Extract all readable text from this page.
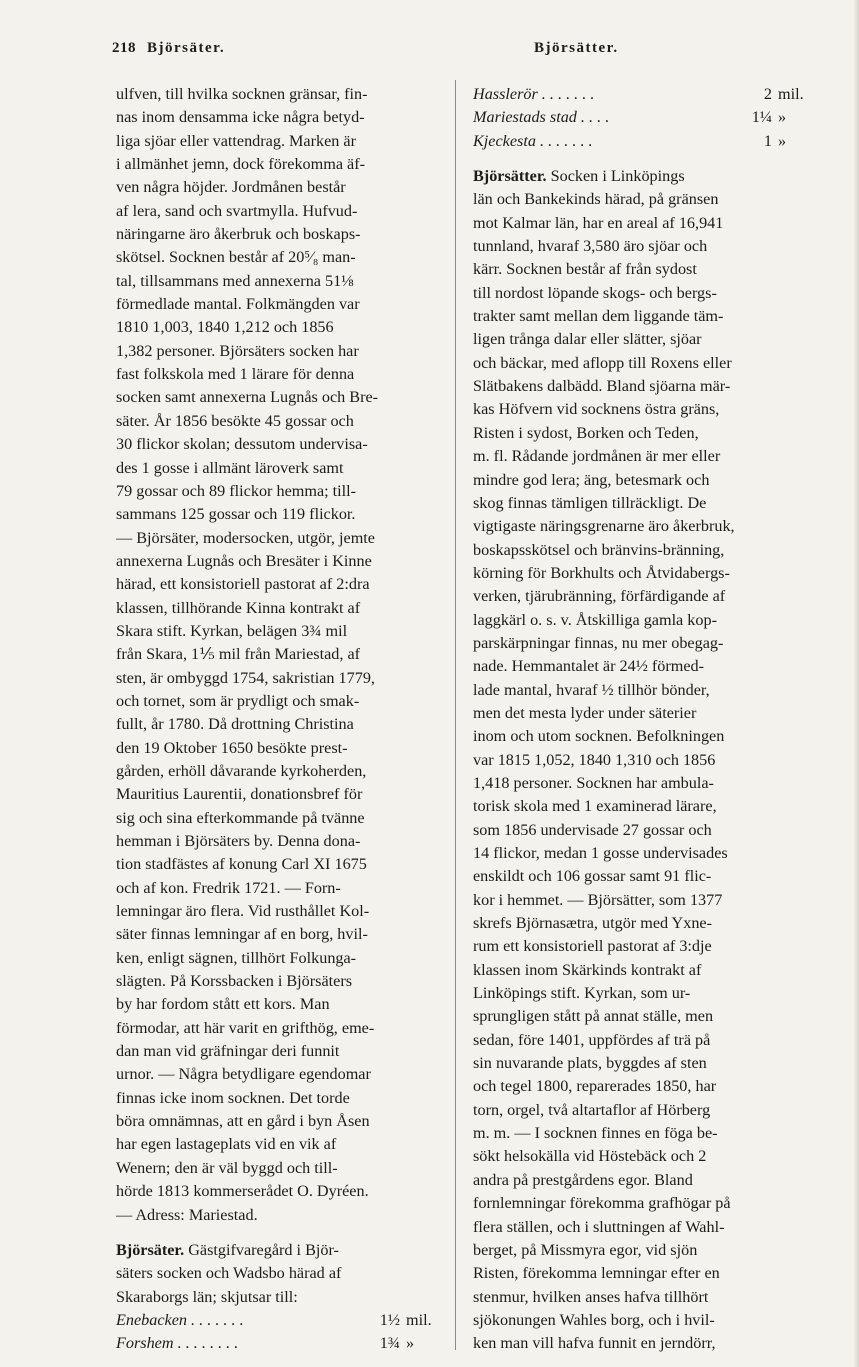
218 Björsäter.	Björsätter.
ulfven, till hvilka socknen gränsar, fin-
nas inom densamma icke några betyd-
liga sjöar eller vattendrag. Marken är
i allmänhet jemn, dock förekomma äf-
ven några höjder. Jordmånen består
af lera, sand och svartmylla. Hufvud-
näringarne äro åkerbruk och boskaps-
skötsel. Socknen består af 20⁵⁄₈ man-
tal, tillsammans med annexerna 51⅛
förmedlade mantal. Folkmängden var
1810 1,003, 1840 1,212 och 1856
1,382 personer. Björsäters socken har
fast folkskola med 1 lärare för denna
socken samt annexerna Lugnås och Bre-
säter. År 1856 besökte 45 gossar och
30 flickor skolan; dessutom undervisa-
des 1 gosse i allmänt läroverk samt
79 gossar och 89 flickor hemma; till-
sammans 125 gossar och 119 flickor.
— Björsäter, modersocken, utgör, jemte
annexerna Lugnås och Bresäter i Kinne
härad, ett konsistoriell pastorat af 2:dra
klassen, tillhörande Kinna kontrakt af
Skara stift. Kyrkan, belägen 3¾ mil
från Skara, 1⅕ mil från Mariestad, af
sten, är ombyggd 1754, sakristian 1779,
och tornet, som är prydligt och smak-
fullt, år 1780. Då drottning Christina
den 19 Oktober 1650 besökte prest-
gården, erhöll dåvarande kyrkoherden,
Mauritius Laurentii, donationsbref för
sig och sina efterkommande på tvänne
hemman i Björsäters by. Denna dona-
tion stadfästes af konung Carl XI 1675
och af kon. Fredrik 1721. — Forn-
lemningar äro flera. Vid rusthållet Kol-
säter finnas lemningar af en borg, hvil-
ken, enligt sägnen, tillhört Folkunga-
slägten. På Korssbacken i Björsäters
by har fordom stått ett kors. Man
förmodar, att här varit en grifthög, eme-
dan man vid gräfningar deri funnit
urnor. — Några betydligare egendomar
finnas icke inom socknen. Det torde
böra omnämnas, att en gård i byn Åsen
har egen lastageplats vid en vik af
Wenern; den är väl byggd och till-
hörde 1813 kommerserådet O. Dyréen.
— Adress: Mariestad.
Björsäter. Gästgifvaregård i Björ-
säters socken och Wadsbo härad af
Skaraborgs län; skjutsar till:
Enebacken . . . . . . .	1½ mil.
Forshem . . . . . . . .	1¾ »
Hasslerör . . . . . . .	2 mil.
Mariestads stad . . . .	1¼ »
Kjeckesta . . . . . . .	1 »
Björsätter. Socken i Linköpings
län och Bankekinds härad, på gränsen
mot Kalmar län, har en areal af 16,941
tunnland, hvaraf 3,580 äro sjöar och
kärr. Socknen består af från sydost
till nordost löpande skogs- och bergs-
trakter samt mellan dem liggande täm-
ligen trånga dalar eller slätter, sjöar
och bäckar, med aflopp till Roxens eller
Slätbakens dalbädd. Bland sjöarna mär-
kas Höfvern vid socknens östra gräns,
Risten i sydost, Borken och Teden,
m. fl. Rådande jordmånen är mer eller
mindre god lera; äng, betesmark och
skog finnas tämligen tillräckligt. De
vigtigaste näringsgrenarne äro åkerbruk,
boskapsskötsel och bränvins-bränning,
körning för Borkhults och Åtvidabergs-
verken, tjärubränning, förfärdigande af
laggkärl o. s. v. Åtskilliga gamla kop-
parskärpningar finnas, nu mer obegag-
nade. Hemmantalet är 24½ förmed-
lade mantal, hvaraf ½ tillhör bönder,
men det mesta lyder under säterier
inom och utom socknen. Befolkningen
var 1815 1,052, 1840 1,310 och 1856
1,418 personer. Socknen har ambula-
torisk skola med 1 examinerad lärare,
som 1856 undervisade 27 gossar och
14 flickor, medan 1 gosse undervisades
enskildt och 106 gossar samt 91 flic-
kor i hemmet. — Björsätter, som 1377
skrefs Björnasætra, utgör med Yxne-
rum ett konsistoriell pastorat af 3:dje
klassen inom Skärkinds kontrakt af
Linköpings stift. Kyrkan, som ur-
sprungligen stått på annat ställe, men
sedan, före 1401, uppfördes af trä på
sin nuvarande plats, byggdes af sten
och tegel 1800, reparerades 1850, har
torn, orgel, två altartaflor af Hörberg
m. m. — I socknen finnes en föga be-
sökt helsokälla vid Höstebäck och 2
andra på prestgårdens egor. Bland
fornlemningar förekomma grafhögar på
flera ställen, och i sluttningen af Wahl-
berget, på Missmyra egor, vid sjön
Risten, förekomma lemningar efter en
stenmur, hvilken anses hafva tillhört
sjökonungen Wahles borg, och i hvil-
ken man vill hafva funnit en jerndörr,
